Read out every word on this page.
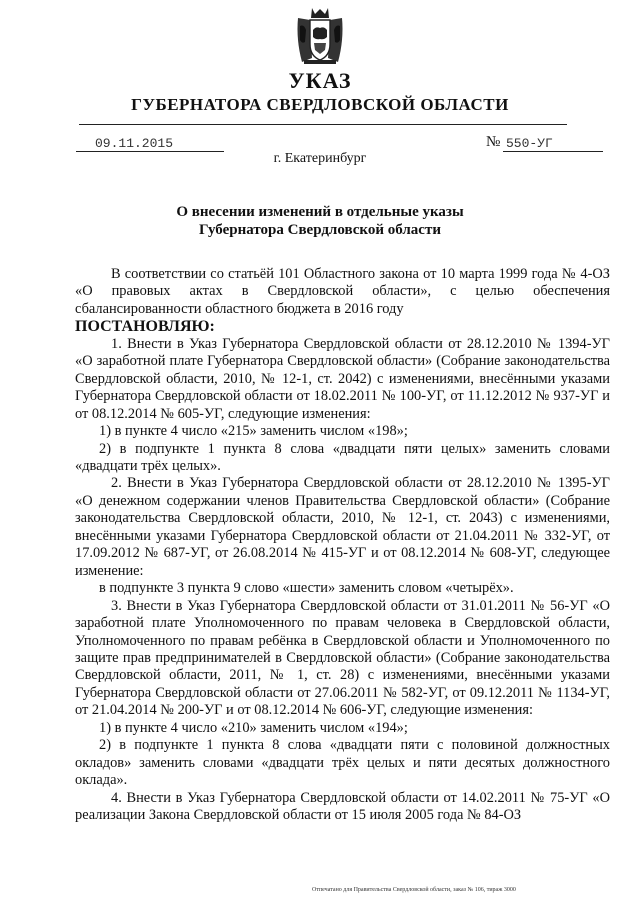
УКАЗ
ГУБЕРНАТОРА СВЕРДЛОВСКОЙ ОБЛАСТИ
09.11.2015	№ 550-УГ
г. Екатеринбург
О внесении изменений в отдельные указы
Губернатора Свердловской области

В соответствии со статьёй 101 Областного закона от 10 марта 1999 года № 4-ОЗ «О правовых актах в Свердловской области», с целью обеспечения сбалансированности областного бюджета в 2016 году

ПОСТАНОВЛЯЮ:

1. Внести в Указ Губернатора Свердловской области от 28.12.2010 № 1394-УГ «О заработной плате Губернатора Свердловской области» (Собрание законодательства Свердловской области, 2010, № 12-1, ст. 2042) с изменениями, внесёнными указами Губернатора Свердловской области от 18.02.2011 № 100-УГ, от 11.12.2012 № 937-УГ и от 08.12.2014 № 605-УГ, следующие изменения:

1) в пункте 4 число «215» заменить числом «198»;

2) в подпункте 1 пункта 8 слова «двадцати пяти целых» заменить словами «двадцати трёх целых».

2. Внести в Указ Губернатора Свердловской области от 28.12.2010 № 1395-УГ «О денежном содержании членов Правительства Свердловской области» (Собрание законодательства Свердловской области, 2010, № 12-1, ст. 2043) с изменениями, внесёнными указами Губернатора Свердловской области от 21.04.2011 № 332-УГ, от 17.09.2012 № 687-УГ, от 26.08.2014 № 415-УГ и от 08.12.2014 № 608-УГ, следующее изменение:

в подпункте 3 пункта 9 слово «шести» заменить словом «четырёх».

3. Внести в Указ Губернатора Свердловской области от 31.01.2011 № 56-УГ «О заработной плате Уполномоченного по правам человека в Свердловской области, Уполномоченного по правам ребёнка в Свердловской области и Уполномоченного по защите прав предпринимателей в Свердловской области» (Собрание законодательства Свердловской области, 2011, № 1, ст. 28) с изменениями, внесёнными указами Губернатора Свердловской области от 27.06.2011 № 582-УГ, от 09.12.2011 № 1134-УГ, от 21.04.2014 № 200-УГ и от 08.12.2014 № 606-УГ, следующие изменения:

1) в пункте 4 число «210» заменить числом «194»;

2) в подпункте 1 пункта 8 слова «двадцати пяти с половиной должностных окладов» заменить словами «двадцати трёх целых и пяти десятых должностного оклада».

4. Внести в Указ Губернатора Свердловской области от 14.02.2011 № 75-УГ «О реализации Закона Свердловской области от 15 июля 2005 года № 84-ОЗ

Отпечатано для Правительства Свердловской области, заказ № 106, тираж 3000
